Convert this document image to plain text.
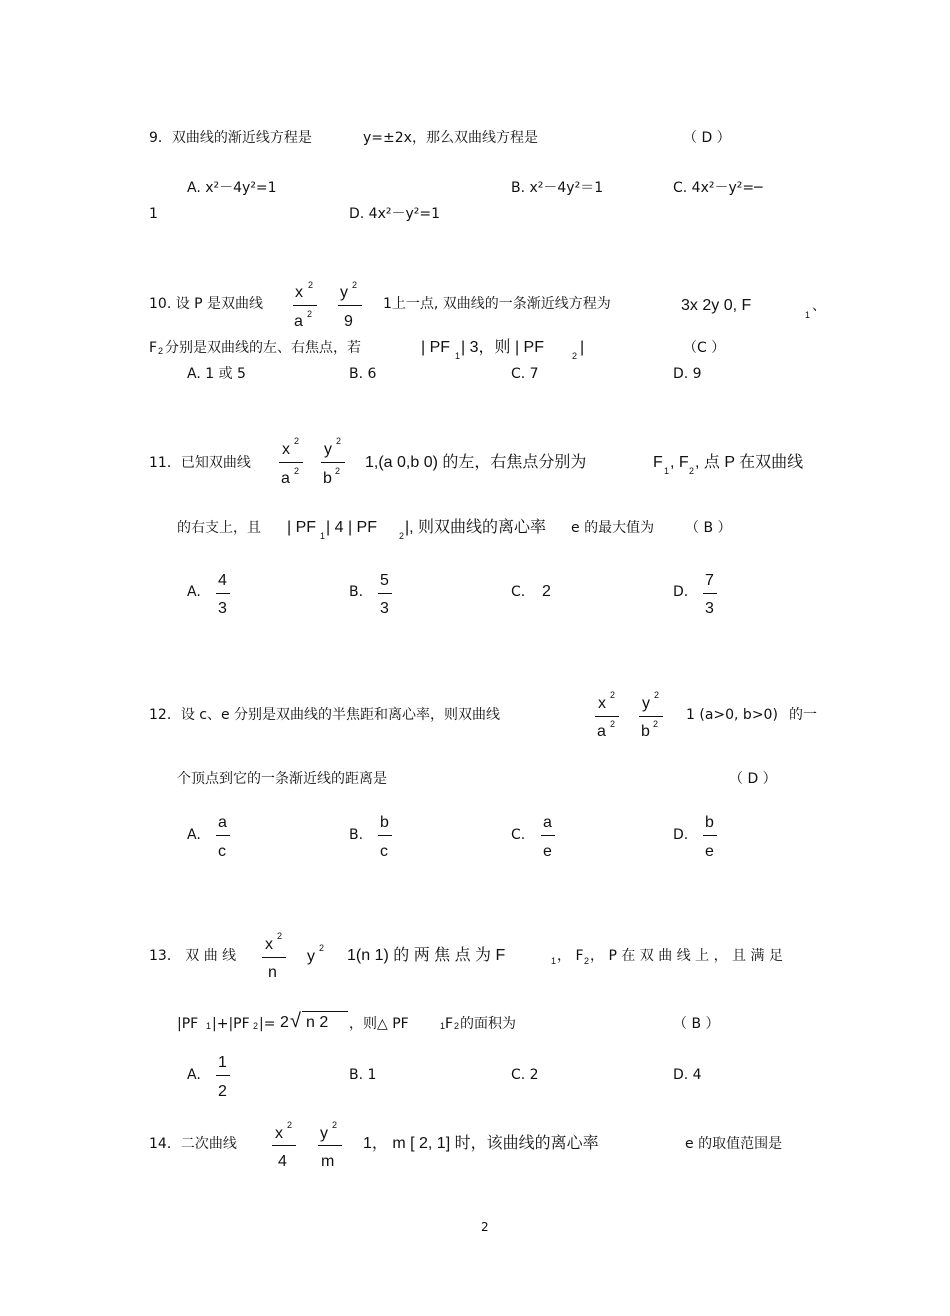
9．双曲线的渐近线方程是	y=±2x，那么双曲线方程是	（ D ）
A. x²－4y²=1	B. x²－4y²＝1	C. 4x²－y²=─
1	D. 4x²－y²=1
10. 设 P 是双曲线
x 2
a 2
y 2
9
1上一点, 双曲线的一条渐近线方程为	3x 2y 0, F
1
、
F 2 分别是双曲线的左、右焦点，若	| PF 1 | 3，则 | PF	2 |	（C ）
A. 1 或 5	B. 6	C. 7	D. 9
11．已知双曲线
x 2
a 2
y 2
b 2 1,(a 0,b 0) 的左，右焦点分别为	F 1 , F 2 , 点 P 在双曲线
的右支上，且 | PF 1 | 4 | PF 2 |, 则双曲线的离心率 e 的最大值为 （ B ）
A.
4
3
B.
5
3
C. 2	D.
7
3
12．设 c、e 分别是双曲线的半焦距和离心率，则双曲线
x 2
a 2
y 2
b 2
1 (a>0, b>0) 的一
个顶点到它的一条渐近线的距离是	（ D ）
A.
a
c
B.
b
c
C.
a
e
D.
b
e
13． 双 曲 线
x 2
n
y 2 1(n 1) 的 两 焦 点 为 F	1 ， F 2 ， P 在 双 曲 线 上 ， 且 满 足
|PF 1 |+|PF 2 |= 2 √ n 2 ，则△ PF	1 F 2 的面积为	（ B ）
A.
1
2
B. 1	C. 2	D. 4
14．二次曲线
x 2
4
y 2
m
1， m [ 2, 1] 时，该曲线的离心率	e 的取值范围是
2
